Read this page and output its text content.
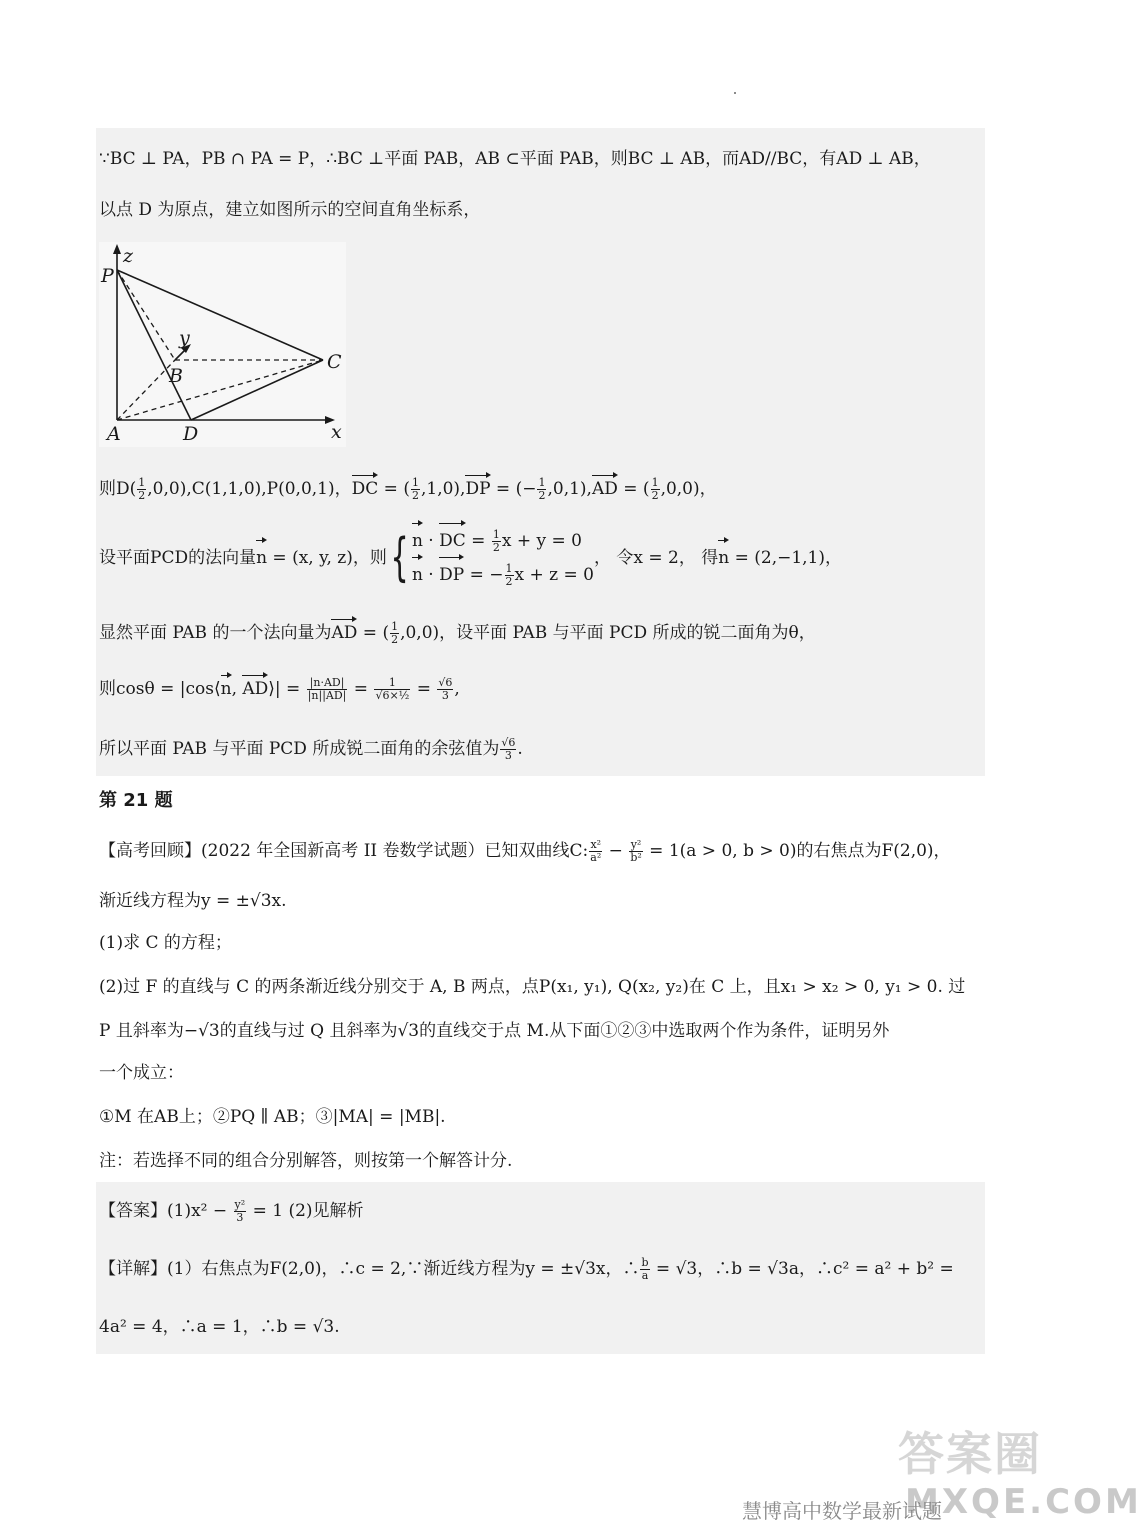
∵BC ⊥ PA，PB ∩ PA = P，∴BC ⊥平面 PAB，AB ⊂平面 PAB，则BC ⊥ AB，而AD//BC，有AD ⊥ AB，
以点 D 为原点，建立如图所示的空间直角坐标系，
z
P
y
B
C
A	D	x
则$D( \frac{1}{2} ,0,0),C(1,1,0),P(0,0,1)$，DC = ( $\frac{1}{2} ,1,0),DP$ = (− $\frac{1}{2} ,0,1),AD$ = ( $\frac{1}{2} ,0,0$)，
设平面PCD的法向量n = (x, y, z)，则{ n · DC = $\frac{1}{2}$ x + y = 0
n · DP = − $\frac{1}{2}$ x + z = 0
， 令x = 2， 得n = (2,−1,1)，
显然平面 PAB 的一个法向量为AD = ( $\frac{1}{2} ,0,0$)，设平面 PAB 与平面 PCD 所成的锐二面角为θ，
则cosθ = |cos⟨n, AD⟩| = $\frac{|n\cdot AD|}{|n||AD|} = \frac{1}{\text{√6×½}} = \frac{√6}{3}$ ,
所以平面 PAB 与平面 PCD 所成锐二面角的余弦值为 $\frac{√6}{3}$ .
第 21 题
【高考回顾】(2022 年全国新高考 II 卷数学试题）已知双曲线C: $\frac{\text{x²}}{\text{a²}} - \frac{\text{y²}}{\text{b²}} = 1(a > 0$, b > 0)的右焦点为F(2,0)，
渐近线方程为y = ±√3x.
(1)求 C 的方程；
(2)过 F 的直线与 C 的两条渐近线分别交于 A, B 两点，点P(x₁, y₁), Q(x₂, y₂)在 C 上，且x₁ > x₂ > 0, y₁ > 0. 过
P 且斜率为−√3的直线与过 Q 且斜率为√3的直线交于点 M.从下面①②③中选取两个作为条件，证明另外
一个成立：
①M 在AB上；②PQ ∥ AB；③|MA| = |MB|.
注：若选择不同的组合分别解答，则按第一个解答计分.
【答案】$(1)x^2 - \frac{\text{y²}}{3} = 1$ (2)见解析
【详解】(1）右焦点为F(2,0)，∴c = 2,∵渐近线方程为y = ±√3x，∴ $\frac{b}{a} = √3$，∴b = √3a，∴c² = a² + b² =
4a² = 4，∴a = 1，∴b = √3.
答案圈
MXQE.COM
慧博高中数学最新试题
